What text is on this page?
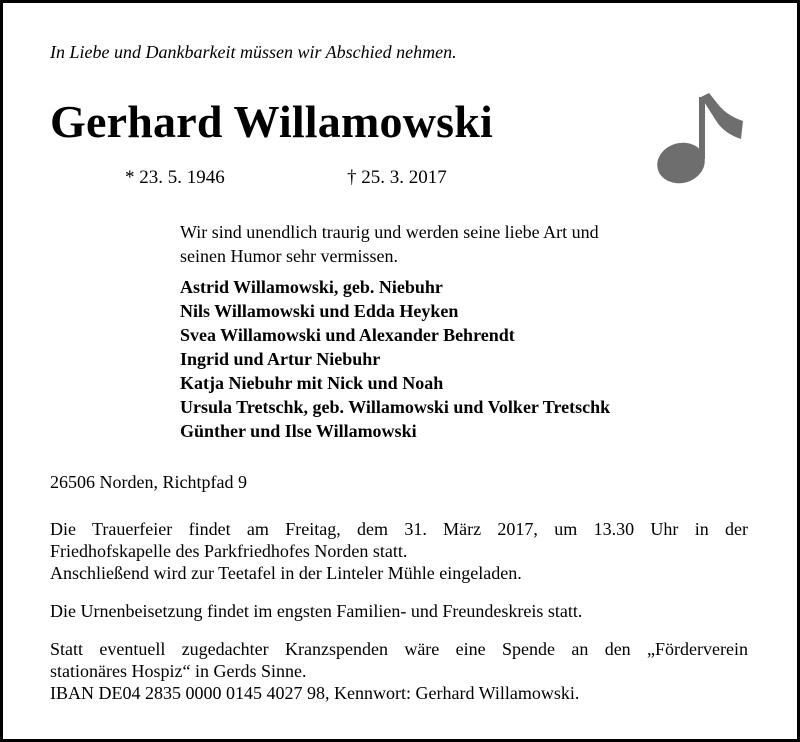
In Liebe und Dankbarkeit müssen wir Abschied nehmen.
Gerhard Willamowski
* 23. 5. 1946	† 25. 3. 2017
Wir sind unendlich traurig und werden seine liebe Art und
seinen Humor sehr vermissen.
Astrid Willamowski, geb. Niebuhr
Nils Willamowski und Edda Heyken
Svea Willamowski und Alexander Behrendt
Ingrid und Artur Niebuhr
Katja Niebuhr mit Nick und Noah
Ursula Tretschk, geb. Willamowski und Volker Tretschk
Günther und Ilse Willamowski
26506 Norden, Richtpfad 9
Die Trauerfeier findet am Freitag, dem 31. März 2017, um 13.30 Uhr in der
Friedhofskapelle des Parkfriedhofes Norden statt.
Anschließend wird zur Teetafel in der Linteler Mühle eingeladen.
Die Urnenbeisetzung findet im engsten Familien- und Freundeskreis statt.
Statt eventuell zugedachter Kranzspenden wäre eine Spende an den „Förderverein
stationäres Hospiz“ in Gerds Sinne.
IBAN DE04 2835 0000 0145 4027 98, Kennwort: Gerhard Willamowski.
